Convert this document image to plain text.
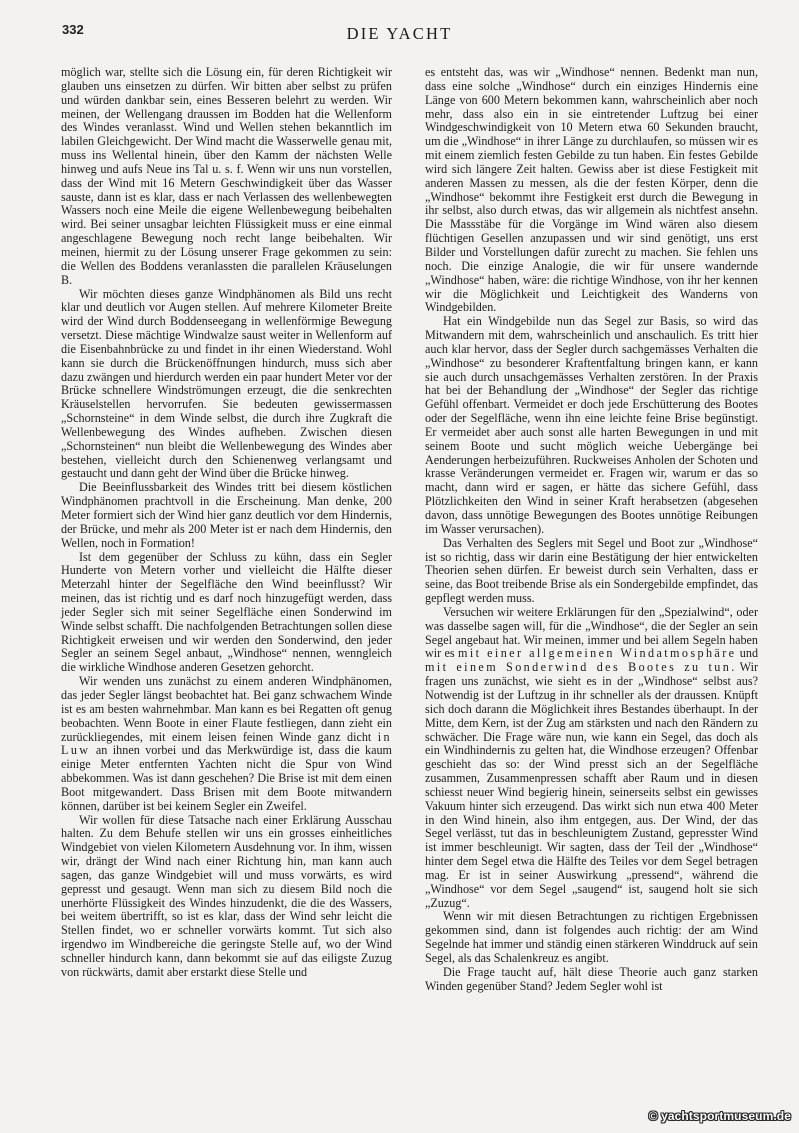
332	DIE YACHT

möglich war, stellte sich die Lösung ein, für deren Richtigkeit wir glauben uns einsetzen zu dürfen. Wir bitten aber selbst zu prüfen und würden dankbar sein, eines Besseren belehrt zu werden. Wir meinen, der Wellengang draussen im Bodden hat die Wellenform des Windes veranlasst. Wind und Wellen stehen bekanntlich im labilen Gleichgewicht. Der Wind macht die Wasserwelle genau mit, muss ins Wellental hinein, über den Kamm der nächsten Welle hinweg und aufs Neue ins Tal u. s. f. Wenn wir uns nun vorstellen, dass der Wind mit 16 Metern Geschwindigkeit über das Wasser sauste, dann ist es klar, dass er nach Verlassen des wellenbewegten Wassers noch eine Meile die eigene Wellenbewegung beibehalten wird. Bei seiner unsagbar leichten Flüssigkeit muss er eine einmal angeschlagene Bewegung noch recht lange beibehalten. Wir meinen, hiermit zu der Lösung unserer Frage gekommen zu sein: die Wellen des Boddens veranlassten die parallelen Kräuselungen B.

Wir möchten dieses ganze Windphänomen als Bild uns recht klar und deutlich vor Augen stellen. Auf mehrere Kilometer Breite wird der Wind durch Boddenseegang in wellenförmige Bewegung versetzt. Diese mächtige Windwalze saust weiter in Wellenform auf die Eisenbahnbrücke zu und findet in ihr einen Wiederstand. Wohl kann sie durch die Brückenöffnungen hindurch, muss sich aber dazu zwängen und hierdurch werden ein paar hundert Meter vor der Brücke schnellere Windströmungen erzeugt, die die senkrechten Kräuselstellen hervorrufen. Sie bedeuten gewissermassen „Schornsteine“ in dem Winde selbst, die durch ihre Zugkraft die Wellenbewegung des Windes aufheben. Zwischen diesen „Schornsteinen“ nun bleibt die Wellenbewegung des Windes aber bestehen, vielleicht durch den Schienenweg verlangsamt und gestaucht und dann geht der Wind über die Brücke hinweg.

Die Beeinflussbarkeit des Windes tritt bei diesem köstlichen Windphänomen prachtvoll in die Erscheinung. Man denke, 200 Meter formiert sich der Wind hier ganz deutlich vor dem Hindernis, der Brücke, und mehr als 200 Meter ist er nach dem Hindernis, den Wellen, noch in Formation!

Ist dem gegenüber der Schluss zu kühn, dass ein Segler Hunderte von Metern vorher und vielleicht die Hälfte dieser Meterzahl hinter der Segelfläche den Wind beeinflusst? Wir meinen, das ist richtig und es darf noch hinzugefügt werden, dass jeder Segler sich mit seiner Segelfläche einen Sonderwind im Winde selbst schafft. Die nachfolgenden Betrachtungen sollen diese Richtigkeit erweisen und wir werden den Sonderwind, den jeder Segler an seinem Segel anbaut, „Windhose“ nennen, wenngleich die wirkliche Windhose anderen Gesetzen gehorcht.

Wir wenden uns zunächst zu einem anderen Windphänomen, das jeder Segler längst beobachtet hat. Bei ganz schwachem Winde ist es am besten wahrnehmbar. Man kann es bei Regatten oft genug beobachten. Wenn Boote in einer Flaute festliegen, dann zieht ein zurückliegendes, mit einem leisen feinen Winde ganz dicht in Luw an ihnen vorbei und das Merkwürdige ist, dass die kaum einige Meter entfernten Yachten nicht die Spur von Wind abbekommen. Was ist dann geschehen? Die Brise ist mit dem einen Boot mitgewandert. Dass Brisen mit dem Boote mitwandern können, darüber ist bei keinem Segler ein Zweifel.

Wir wollen für diese Tatsache nach einer Erklärung Ausschau halten. Zu dem Behufe stellen wir uns ein grosses einheitliches Windgebiet von vielen Kilometern Ausdehnung vor. In ihm, wissen wir, drängt der Wind nach einer Richtung hin, man kann auch sagen, das ganze Windgebiet will und muss vorwärts, es wird gepresst und gesaugt. Wenn man sich zu diesem Bild noch die unerhörte Flüssigkeit des Windes hinzudenkt, die die des Wassers, bei weitem übertrifft, so ist es klar, dass der Wind sehr leicht die Stellen findet, wo er schneller vorwärts kommt. Tut sich also irgendwo im Windbereiche die geringste Stelle auf, wo der Wind schneller hindurch kann, dann bekommt sie auf das eiligste Zuzug von rückwärts, damit aber erstarkt diese Stelle und

es entsteht das, was wir „Windhose“ nennen. Bedenkt man nun, dass eine solche „Windhose“ durch ein einziges Hindernis eine Länge von 600 Metern bekommen kann, wahrscheinlich aber noch mehr, dass also ein in sie eintretender Luftzug bei einer Windgeschwindigkeit von 10 Metern etwa 60 Sekunden braucht, um die „Windhose“ in ihrer Länge zu durchlaufen, so müssen wir es mit einem ziemlich festen Gebilde zu tun haben. Ein festes Gebilde wird sich längere Zeit halten. Gewiss aber ist diese Festigkeit mit anderen Massen zu messen, als die der festen Körper, denn die „Windhose“ bekommt ihre Festigkeit erst durch die Bewegung in ihr selbst, also durch etwas, das wir allgemein als nichtfest ansehn. Die Massstäbe für die Vorgänge im Wind wären also diesem flüchtigen Gesellen anzupassen und wir sind genötigt, uns erst Bilder und Vorstellungen dafür zurecht zu machen. Sie fehlen uns noch. Die einzige Analogie, die wir für unsere wandernde „Windhose“ haben, wäre: die richtige Windhose, von ihr her kennen wir die Möglichkeit und Leichtigkeit des Wanderns von Windgebilden.

Hat ein Windgebilde nun das Segel zur Basis, so wird das Mitwandern mit dem, wahrscheinlich und anschaulich. Es tritt hier auch klar hervor, dass der Segler durch sachgemässes Verhalten die „Windhose“ zu besonderer Kraftentfaltung bringen kann, er kann sie auch durch unsachgemässes Verhalten zerstören. In der Praxis hat bei der Behandlung der „Windhose“ der Segler das richtige Gefühl offenbart. Vermeidet er doch jede Erschütterung des Bootes oder der Segelfläche, wenn ihn eine leichte feine Brise begünstigt. Er vermeidet aber auch sonst alle harten Bewegungen in und mit seinem Boote und sucht möglich weiche Uebergänge bei Aenderungen herbeizuführen. Ruckweises Anholen der Schoten und krasse Veränderungen vermeidet er. Fragen wir, warum er das so macht, dann wird er sagen, er hätte das sichere Gefühl, dass Plötzlichkeiten den Wind in seiner Kraft herabsetzen (abgesehen davon, dass unnötige Bewegungen des Bootes unnötige Reibungen im Wasser verursachen).

Das Verhalten des Seglers mit Segel und Boot zur „Windhose“ ist so richtig, dass wir darin eine Bestätigung der hier entwickelten Theorien sehen dürfen. Er beweist durch sein Verhalten, dass er seine, das Boot treibende Brise als ein Sondergebilde empfindet, das gepflegt werden muss.

Versuchen wir weitere Erklärungen für den „Spezialwind“, oder was dasselbe sagen will, für die „Windhose“, die der Segler an sein Segel angebaut hat. Wir meinen, immer und bei allem Segeln haben wir es mit einer allgemeinen Windatmosphäre und mit einem Sonderwind des Bootes zu tun. Wir fragen uns zunächst, wie sieht es in der „Windhose“ selbst aus? Notwendig ist der Luftzug in ihr schneller als der draussen. Knüpft sich doch darann die Möglichkeit ihres Bestandes überhaupt. In der Mitte, dem Kern, ist der Zug am stärksten und nach den Rändern zu schwächer. Die Frage wäre nun, wie kann ein Segel, das doch als ein Windhindernis zu gelten hat, die Windhose erzeugen? Offenbar geschieht das so: der Wind presst sich an der Segelfläche zusammen, Zusammenpressen schafft aber Raum und in diesen schiesst neuer Wind begierig hinein, seinerseits selbst ein gewisses Vakuum hinter sich erzeugend. Das wirkt sich nun etwa 400 Meter in den Wind hinein, also ihm entgegen, aus. Der Wind, der das Segel verlässt, tut das in beschleunigtem Zustand, gepresster Wind ist immer beschleunigt. Wir sagten, dass der Teil der „Windhose“ hinter dem Segel etwa die Hälfte des Teiles vor dem Segel betragen mag. Er ist in seiner Auswirkung „pressend“, während die „Windhose“ vor dem Segel „saugend“ ist, saugend holt sie sich „Zuzug“.

Wenn wir mit diesen Betrachtungen zu richtigen Ergebnissen gekommen sind, dann ist folgendes auch richtig: der am Wind Segelnde hat immer und ständig einen stärkeren Winddruck auf sein Segel, als das Schalenkreuz es angibt.

Die Frage taucht auf, hält diese Theorie auch ganz starken Winden gegenüber Stand? Jedem Segler wohl ist

© yachtsportmuseum.de
